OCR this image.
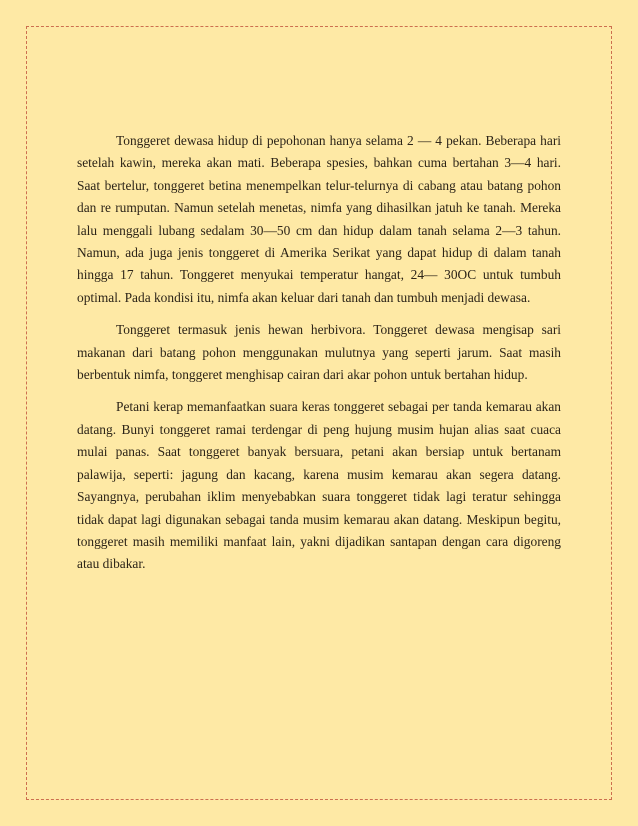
Tonggeret dewasa hidup di pepohonan hanya selama 2 — 4 pekan. Beberapa hari setelah kawin, mereka akan mati. Beberapa spesies, bahkan cuma bertahan 3—4 hari. Saat bertelur, tonggeret betina menempelkan telur-telurnya di cabang atau batang pohon dan re rumputan. Namun setelah menetas, nimfa yang dihasilkan jatuh ke tanah. Mereka lalu menggali lubang sedalam 30—50 cm dan hidup dalam tanah selama 2—3 tahun. Namun, ada juga jenis tonggeret di Amerika Serikat yang dapat hidup di dalam tanah hingga 17 tahun. Tonggeret menyukai temperatur hangat, 24— 30OC untuk tumbuh optimal. Pada kondisi itu, nimfa akan keluar dari tanah dan tumbuh menjadi dewasa.

Tonggeret termasuk jenis hewan herbivora. Tonggeret dewasa mengisap sari makanan dari batang pohon menggunakan mulutnya yang seperti jarum. Saat masih berbentuk nimfa, tonggeret menghisap cairan dari akar pohon untuk bertahan hidup.

Petani kerap memanfaatkan suara keras tonggeret sebagai per tanda kemarau akan datang. Bunyi tonggeret ramai terdengar di peng hujung musim hujan alias saat cuaca mulai panas. Saat tonggeret banyak bersuara, petani akan bersiap untuk bertanam palawija, seperti: jagung dan kacang, karena musim kemarau akan segera datang. Sayangnya, perubahan iklim menyebabkan suara tonggeret tidak lagi teratur sehingga tidak dapat lagi digunakan sebagai tanda musim kemarau akan datang. Meskipun begitu, tonggeret masih memiliki manfaat lain, yakni dijadikan santapan dengan cara digoreng atau dibakar.
